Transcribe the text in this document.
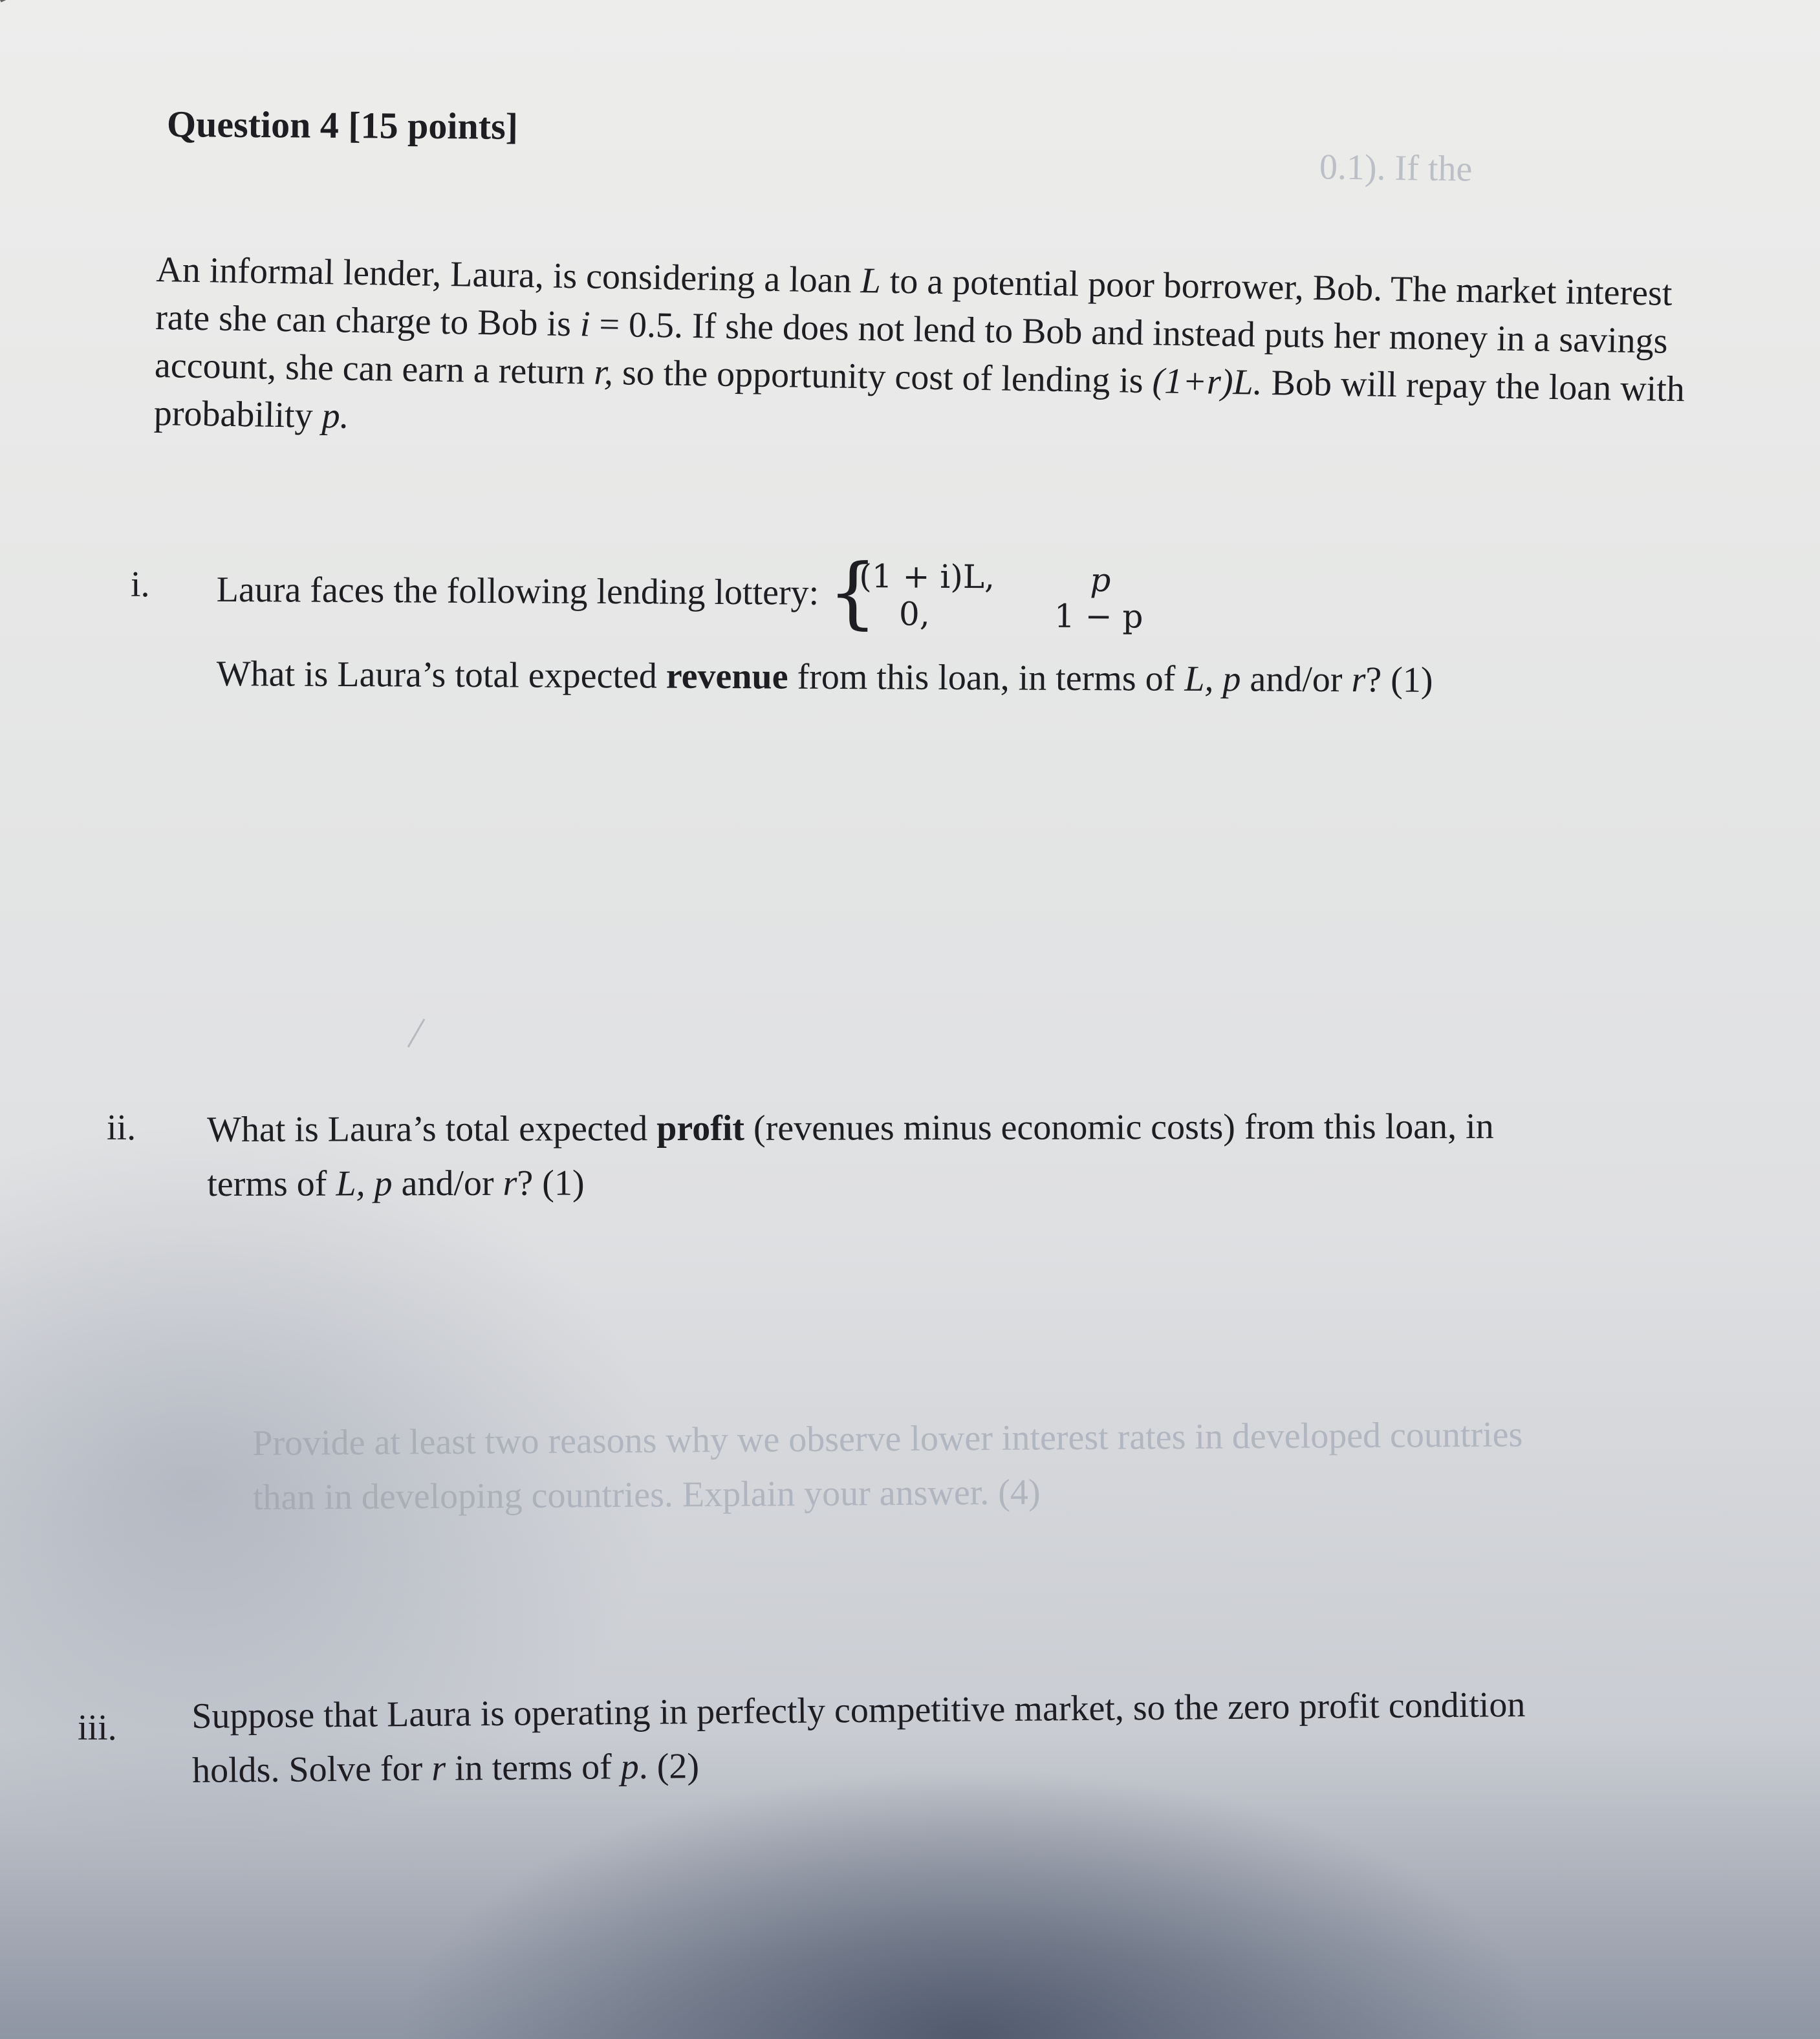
0.1). If the
Question 4 [15 points]
An informal lender, Laura, is considering a loan L to a potential poor borrower, Bob. The market interest rate she can charge to Bob is i = 0.5. If she does not lend to Bob and instead puts her money in a savings account, she can earn a return r, so the opportunity cost of lending is (1+r)L. Bob will repay the loan with probability p.
i. Laura faces the following lending lottery: {
(1 + i)L,
0,
p
1 − p
What is Laura’s total expected revenue from this loan, in terms of L, p and/or r? (1)
ii. What is Laura’s total expected profit (revenues minus economic costs) from this loan, in
terms of L, p and/or r? (1)
Provide at least two reasons why we observe lower interest rates in developed countries
than in developing countries. Explain your answer. (4)
iii. Suppose that Laura is operating in perfectly competitive market, so the zero profit condition
holds. Solve for r in terms of p. (2)
